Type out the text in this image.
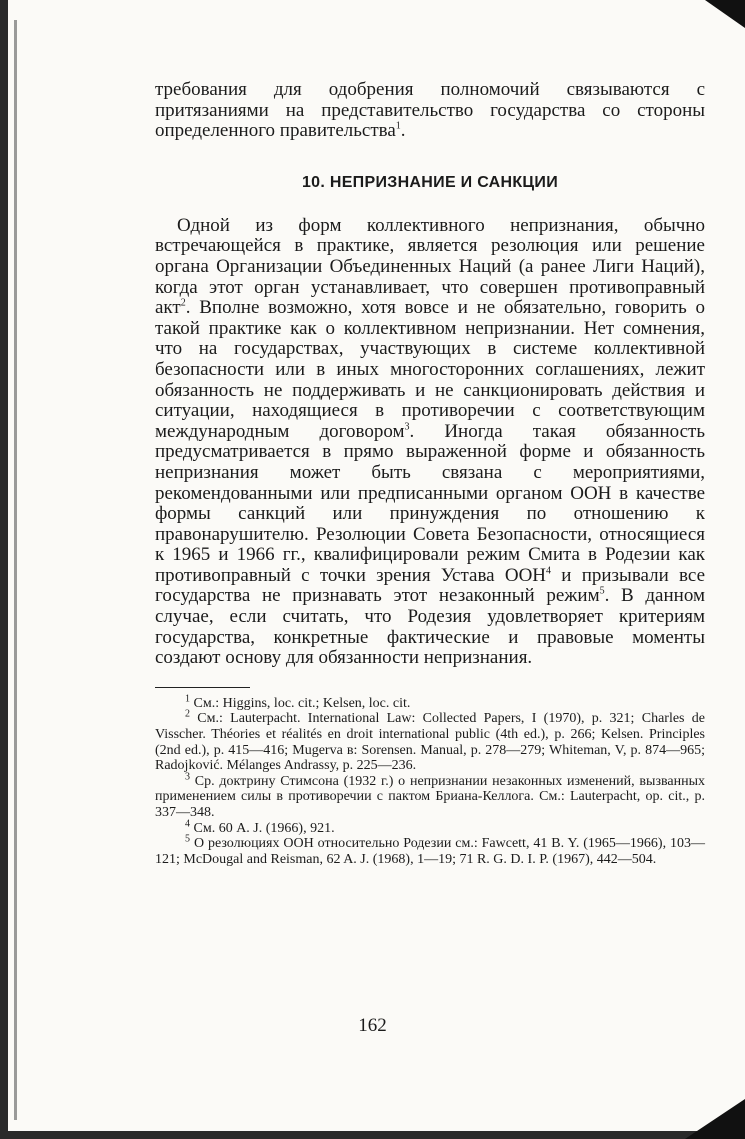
требования для одобрения полномочий связываются с притязаниями на представительство государства со стороны определенного правительства$^1$.

10. НЕПРИЗНАНИЕ И САНКЦИИ

Одной из форм коллективного непризнания, обычно встречающейся в практике, является резолюция или решение органа Организации Объединенных Наций (а ранее Лиги Наций), когда этот орган устанавливает, что совершен противоправный акт$^2$. Вполне возможно, хотя вовсе и не обязательно, говорить о такой практике как о коллективном непризнании. Нет сомнения, что на государствах, участвующих в системе коллективной безопасности или в иных многосторонних соглашениях, лежит обязанность не поддерживать и не санкционировать действия и ситуации, находящиеся в противоречии с соответствующим международным договором$^3$. Иногда такая обязанность предусматривается в прямо выраженной форме и обязанность непризнания может быть связана с мероприятиями, рекомендованными или предписанными органом ООН в качестве формы санкций или принуждения по отношению к правонарушителю. Резолюции Совета Безопасности, относящиеся к 1965 и 1966 гг., квалифицировали режим Смита в Родезии как противоправный с точки зрения Устава ООН$^4$ и призывали все государства не признавать этот незаконный режим$^5$. В данном случае, если считать, что Родезия удовлетворяет критериям государства, конкретные фактические и правовые моменты создают основу для обязанности непризнания.

$^1$ См.: Higgins, loc. cit.; Kelsen, loc. cit.

$^2$ См.: Lauterpacht. International Law: Collected Papers, I (1970), p. 321; Charles de Visscher. Théories et réalités en droit international public (4th ed.), p. 266; Kelsen. Principles (2nd ed.), p. 415—416; Mugerva в: Sorensen. Manual, p. 278—279; Whiteman, V, p. 874—965; Radojković. Mélanges Andrassy, p. 225—236.

$^3$ Ср. доктрину Стимсона (1932 г.) о непризнании незаконных изменений, вызванных применением силы в противоречии с пактом Бриана-Келлога. См.: Lauterpacht, op. cit., p. 337—348.

$^4$ См. 60 A. J. (1966), 921.

$^5$ О резолюциях ООН относительно Родезии см.: Fawcett, 41 B. Y. (1965—1966), 103—121; McDougal and Reisman, 62 A. J. (1968), 1—19; 71 R. G. D. I. P. (1967), 442—504.

162
